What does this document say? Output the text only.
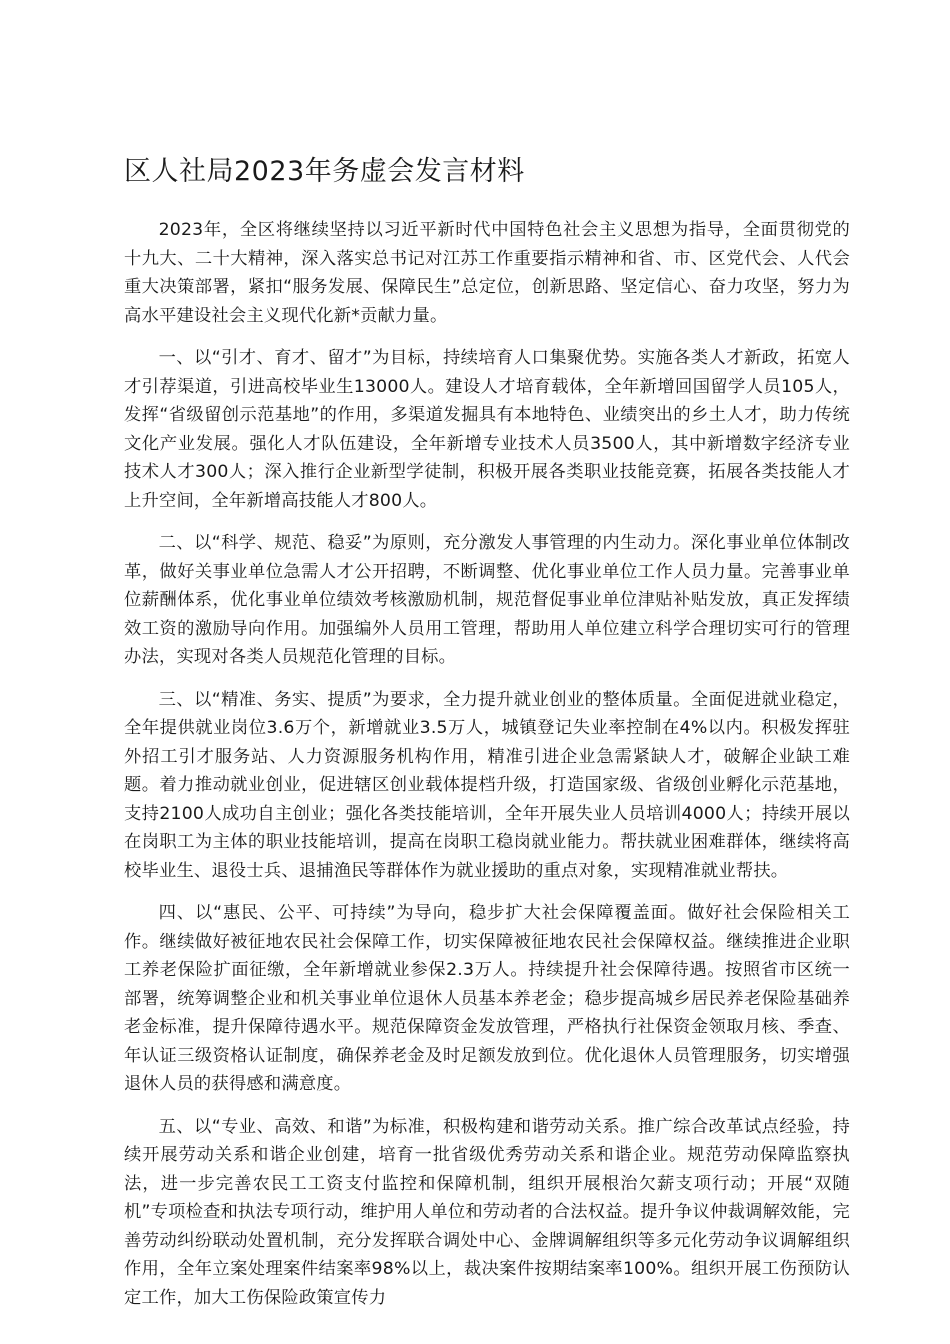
区人社局2023年务虚会发言材料

2023年，全区将继续坚持以习近平新时代中国特色社会主义思想为指导，全面贯彻党的十九大、二十大精神，深入落实总书记对江苏工作重要指示精神和省、市、区党代会、人代会重大决策部署，紧扣“服务发展、保障民生”总定位，创新思路、坚定信心、奋力攻坚，努力为高水平建设社会主义现代化新*贡献力量。

一、以“引才、育才、留才”为目标，持续培育人口集聚优势。实施各类人才新政，拓宽人才引荐渠道，引进高校毕业生13000人。建设人才培育载体，全年新增回国留学人员105人，发挥“省级留创示范基地”的作用，多渠道发掘具有本地特色、业绩突出的乡土人才，助力传统文化产业发展。强化人才队伍建设，全年新增专业技术人员3500人，其中新增数字经济专业技术人才300人；深入推行企业新型学徒制，积极开展各类职业技能竞赛，拓展各类技能人才上升空间，全年新增高技能人才800人。

二、以“科学、规范、稳妥”为原则，充分激发人事管理的内生动力。深化事业单位体制改革，做好关事业单位急需人才公开招聘，不断调整、优化事业单位工作人员力量。完善事业单位薪酬体系，优化事业单位绩效考核激励机制，规范督促事业单位津贴补贴发放，真正发挥绩效工资的激励导向作用。加强编外人员用工管理，帮助用人单位建立科学合理切实可行的管理办法，实现对各类人员规范化管理的目标。

三、以“精准、务实、提质”为要求，全力提升就业创业的整体质量。全面促进就业稳定，全年提供就业岗位3.6万个，新增就业3.5万人，城镇登记失业率控制在4%以内。积极发挥驻外招工引才服务站、人力资源服务机构作用，精准引进企业急需紧缺人才，破解企业缺工难题。着力推动就业创业，促进辖区创业载体提档升级，打造国家级、省级创业孵化示范基地，支持2100人成功自主创业；强化各类技能培训，全年开展失业人员培训4000人；持续开展以在岗职工为主体的职业技能培训，提高在岗职工稳岗就业能力。帮扶就业困难群体，继续将高校毕业生、退役士兵、退捕渔民等群体作为就业援助的重点对象，实现精准就业帮扶。

四、以“惠民、公平、可持续”为导向，稳步扩大社会保障覆盖面。做好社会保险相关工作。继续做好被征地农民社会保障工作，切实保障被征地农民社会保障权益。继续推进企业职工养老保险扩面征缴，全年新增就业参保2.3万人。持续提升社会保障待遇。按照省市区统一部署，统筹调整企业和机关事业单位退休人员基本养老金；稳步提高城乡居民养老保险基础养老金标准，提升保障待遇水平。规范保障资金发放管理，严格执行社保资金领取月核、季查、年认证三级资格认证制度，确保养老金及时足额发放到位。优化退休人员管理服务，切实增强退休人员的获得感和满意度。

五、以“专业、高效、和谐”为标准，积极构建和谐劳动关系。推广综合改革试点经验，持续开展劳动关系和谐企业创建，培育一批省级优秀劳动关系和谐企业。规范劳动保障监察执法，进一步完善农民工工资支付监控和保障机制，组织开展根治欠薪支项行动；开展“双随机”专项检查和执法专项行动，维护用人单位和劳动者的合法权益。提升争议仲裁调解效能，完善劳动纠纷联动处置机制，充分发挥联合调处中心、金牌调解组织等多元化劳动争议调解组织作用，全年立案处理案件结案率98%以上，裁决案件按期结案率100%。组织开展工伤预防认定工作，加大工伤保险政策宣传力
